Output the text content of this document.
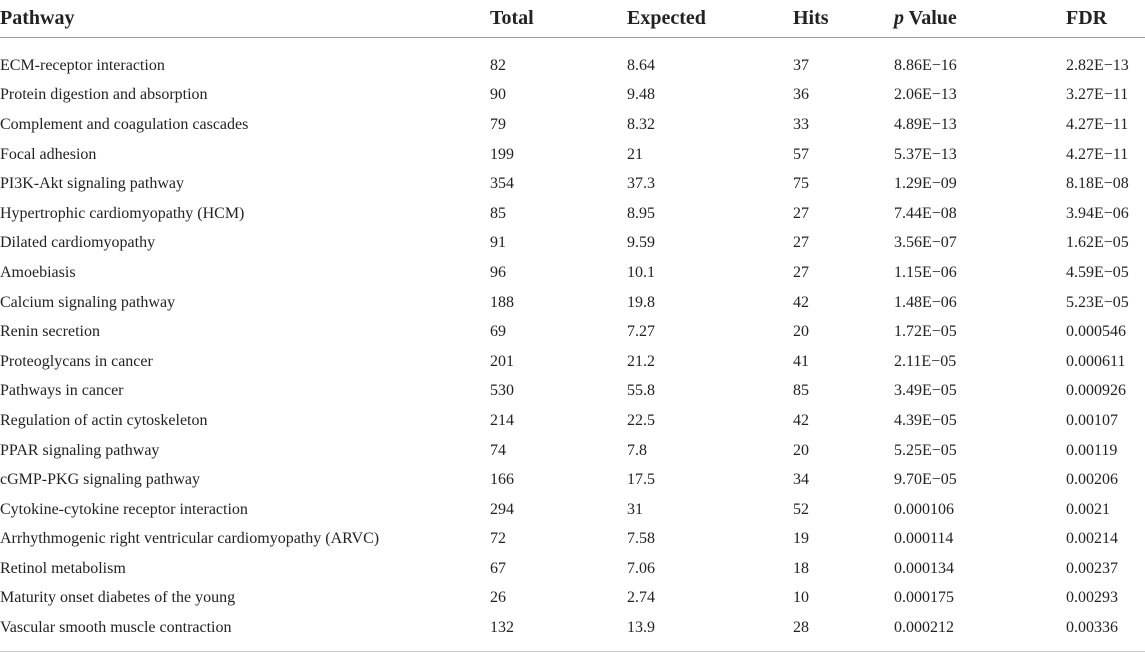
Pathway	Total	Expected	Hits	p Value	FDR
ECM-receptor interaction	82	8.64	37	8.86E−16	2.82E−13
Protein digestion and absorption	90	9.48	36	2.06E−13	3.27E−11
Complement and coagulation cascades	79	8.32	33	4.89E−13	4.27E−11
Focal adhesion	199	21	57	5.37E−13	4.27E−11
PI3K-Akt signaling pathway	354	37.3	75	1.29E−09	8.18E−08
Hypertrophic cardiomyopathy (HCM)	85	8.95	27	7.44E−08	3.94E−06
Dilated cardiomyopathy	91	9.59	27	3.56E−07	1.62E−05
Amoebiasis	96	10.1	27	1.15E−06	4.59E−05
Calcium signaling pathway	188	19.8	42	1.48E−06	5.23E−05
Renin secretion	69	7.27	20	1.72E−05	0.000546
Proteoglycans in cancer	201	21.2	41	2.11E−05	0.000611
Pathways in cancer	530	55.8	85	3.49E−05	0.000926
Regulation of actin cytoskeleton	214	22.5	42	4.39E−05	0.00107
PPAR signaling pathway	74	7.8	20	5.25E−05	0.00119
cGMP-PKG signaling pathway	166	17.5	34	9.70E−05	0.00206
Cytokine-cytokine receptor interaction	294	31	52	0.000106	0.0021
Arrhythmogenic right ventricular cardiomyopathy (ARVC)	72	7.58	19	0.000114	0.00214
Retinol metabolism	67	7.06	18	0.000134	0.00237
Maturity onset diabetes of the young	26	2.74	10	0.000175	0.00293
Vascular smooth muscle contraction	132	13.9	28	0.000212	0.00336
